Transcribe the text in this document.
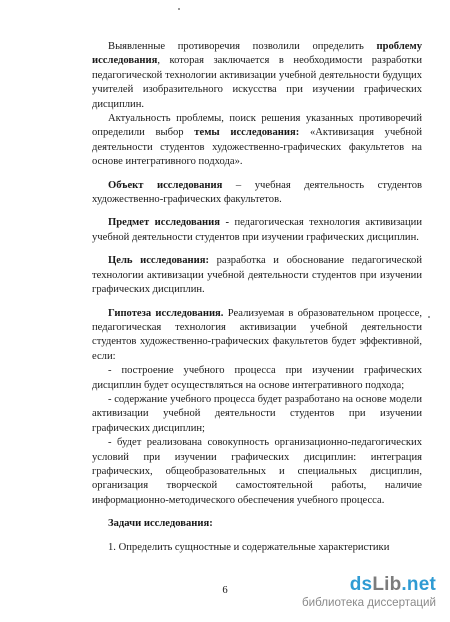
Выявленные противоречия позволили определить проблему исследования, которая заключается в необходимости разработки педагогической технологии активизации учебной деятельности будущих учителей изобразительного искусства при изучении графических дисциплин.

Актуальность проблемы, поиск решения указанных противоречий определили выбор темы исследования: «Активизация учебной деятельности студентов художественно-графических факультетов на основе интегративного подхода».

Объект исследования – учебная деятельность студентов художественно-графических факультетов.

Предмет исследования - педагогическая технология активизации учебной деятельности студентов при изучении графических дисциплин.

Цель исследования: разработка и обоснование педагогической технологии активизации учебной деятельности студентов при изучении графических дисциплин.

Гипотеза исследования. Реализуемая в образовательном процессе, педагогическая технология активизации учебной деятельности студентов художественно-графических факультетов будет эффективной, если:

- построение учебного процесса при изучении графических дисциплин будет осуществляться на основе интегративного подхода;

- содержание учебного процесса будет разработано на основе модели активизации учебной деятельности студентов при изучении графических дисциплин;

- будет реализована совокупность организационно-педагогических условий при изучении графических дисциплин: интеграция графических, общеобразовательных и специальных дисциплин, организация творческой самостоятельной работы, наличие информационно-методического обеспечения учебного процесса.

Задачи исследования:

1. Определить сущностные и содержательные характеристики

6	dsLib.net
библиотека диссертаций
